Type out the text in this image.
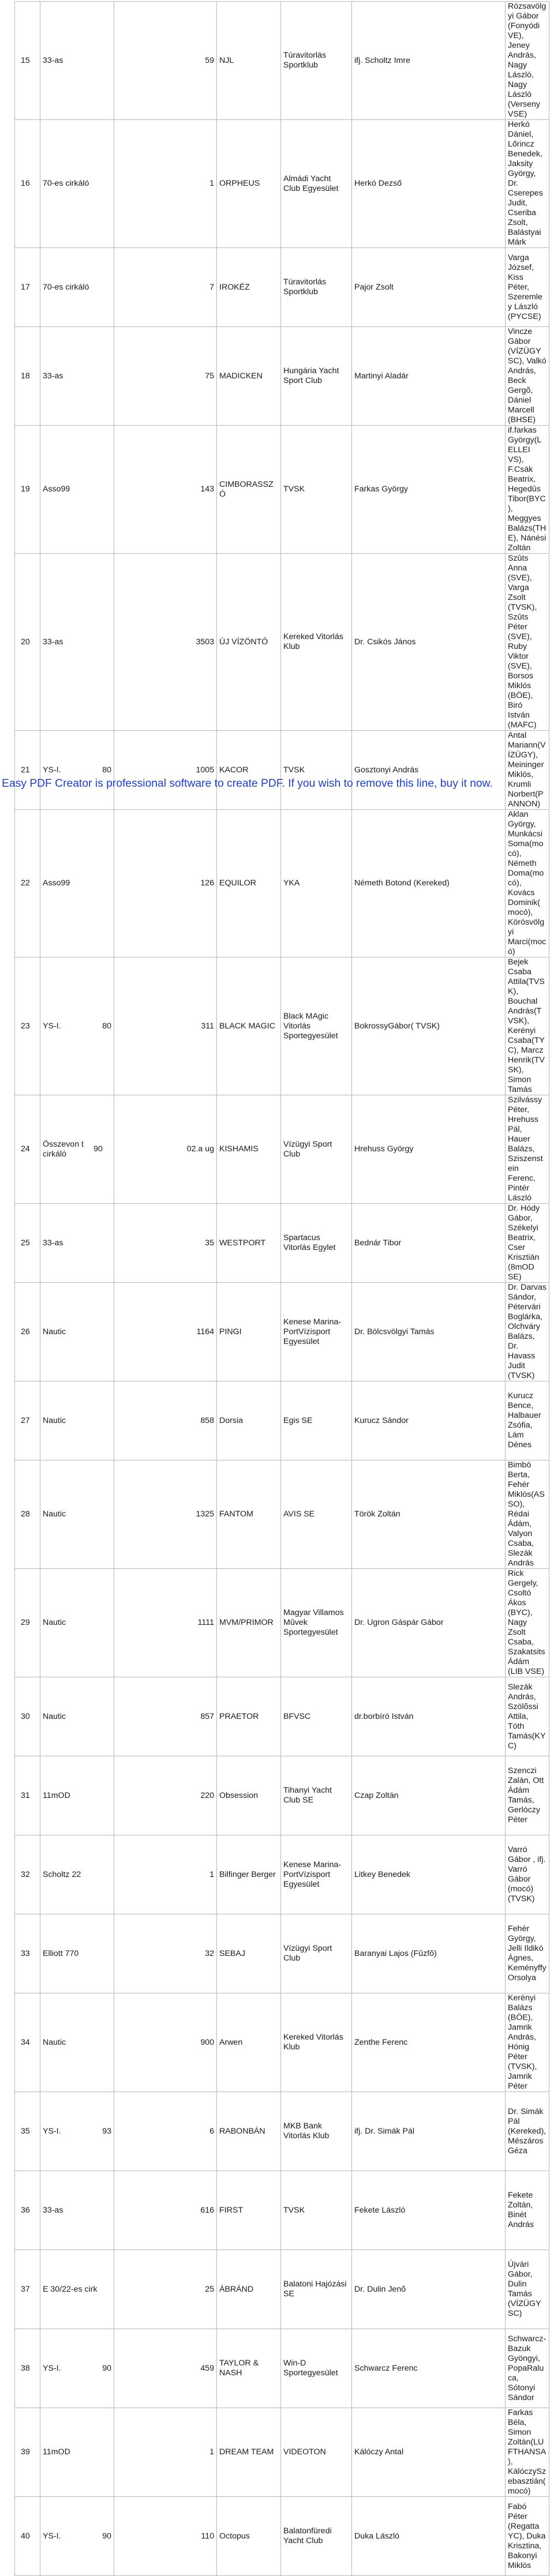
15	33-as	59	NJL	Túravitorlás Sportklub	ifj. Scholtz Imre	Rózsavölgyi Gábor (Fonyódi VE), Jeney András, Nagy László, Nagy László (Verseny VSE)	
16	70-es cirkáló	1	ORPHEUS	Almádi Yacht Club Egyesület	Herkó Dezső	Herkó Dániel, Lőrincz Benedek, Jaksity György, Dr. Cserepes Judit, Cseriba Zsolt, Balástyai Márk	
17	70-es cirkáló	7	IROKÉZ	Túravitorlás Sportklub	Pajor Zsolt	Varga József, Kiss Péter, Szeremley László (PYCSE)	
18	33-as	75	MADICKEN	Hungária Yacht Sport Club	Martinyi Aladár	Vincze Gábor (VÍZÜGY SC), Valkó András, Beck Gergõ, Dániel Marcell (BHSE)	
19	Asso99	143	CIMBORASSZÓ	TVSK	Farkas György	if.farkas György(LELLEI VS), F.Csák Beatrix, Hegedûs Tibor(BYC), Meggyes Balázs(THE), Nánési Zoltán	
20	33-as	3503	ÚJ VÍZÖNTŐ	Kereked Vitorlás Klub	Dr. Csikós János	Szûts Anna (SVE), Varga Zsolt (TVSK), Szûts Péter (SVE), Ruby Viktor (SVE), Borsos Miklós (BÖE), Biró István (MAFC)	
21	YS-I. 80	1005	KACOR	TVSK	Gosztonyi András	Antal Mariann(VÍZÜGY), Meininger Miklós, Krumli Norbert(PANNON)	
22	Asso99	126	EQUILOR	YKA	Németh Botond (Kereked)	Aklan György, Munkácsi Soma(mocó), Németh Doma(mocó), Kovács Dominik(mocó), Körösvölgyi Marci(mocó)	
23	YS-I. 80	311	BLACK MAGIC	Black MAgic Vitorlás Sportegyesület	BokrossyGábor( TVSK)	Bejek Csaba Attila(TVSK), Bouchal András(TVSK), Kerényi Csaba(TYC), Marcz Henrik(TVSK), Simon Tamás	
24	Összevon t cirkáló90	02.a ug	KISHAMIS	Vízügyi Sport Club	Hrehuss György	Szilvássy Péter, Hrehuss Pál, Hauer Balázs, Sziszenstein Ferenc, Pintér László	
25	33-as	35	WESTPORT	Spartacus Vitorlás Egylet	Bednár Tibor	Dr. Hódy Gábor, Székelyi Beatrix, Cser Krisztián (8mOD SE)	
26	Nautic	1164	PINGI	Kenese Marina-PortVízisport Egyesület	Dr. Bölcsvölgyi Tamás	Dr. Darvas Sándor, Pétervári Boglárka, Olchváry Balázs, Dr. Havass Judit (TVSK)	
27	Nautic	858	Dorsia	Egis SE	Kurucz Sándor	Kurucz Bence, Halbauer Zsófia, Lám Dénes	
28	Nautic	1325	FANTOM	AVIS SE	Török Zoltán	Bimbó Berta, Fehér Miklós(ASSO), Rédai Ádám, Valyon Csaba, Slezák András	
29	Nautic	1111	MVM/PRIMOR	Magyar Villamos Mûvek Sportegyesület	Dr. Ugron Gáspár Gábor	Rick Gergely, Csoltó Ákos (BYC), Nagy Zsolt Csaba, Szakatsits Ádám (LIB VSE)	
30	Nautic	857	PRAETOR	BFVSC	dr.borbíró István	Slezák András, Szölõssi Attila, Tóth Tamás(KYC)	
31	11mOD	220	Obsession	Tihanyi Yacht Club SE	Czap Zoltán	Szenczi Zalán, Ott Ádám Tamás, Gerlóczy Péter	
32	Scholtz 22	1	Bilfinger Berger	Kenese Marina-PortVízisport Egyesület	Litkey Benedek	Varró Gábor , ifj. Varró Gábor (mocó) (TVSK)	
33	Elliott 770	32	SEBAJ	Vízügyi Sport Club	Baranyai Lajos (Fûzfõ)	Fehér György, Jelli Ildikó Ágnes, Keményffy Orsolya	
34	Nautic	900	Arwen	Kereked Vitorlás Klub	Zenthe Ferenc	Kerényi Balázs (BÖE), Jamrik András, Hónig Péter (TVSK), Jamrik Péter	
35	YS-I. 93	6	RABONBÁN	MKB Bank Vitorlás Klub	ifj. Dr. Simák Pál	Dr. Simák Pál (Kereked), Mészáros Géza	
36	33-as	616	FIRST	TVSK	Fekete László	Fekete Zoltán, Binét András	
37	E 30/22-es cirk	25	ÁBRÁND	Balatoni Hajózási SE	Dr. Dulin Jenõ	Újvári Gábor, Dulin Tamás (VÍZÜGY SC)	
38	YS-I. 90	459	TAYLOR & NASH	Win-D Sportegyesület	Schwarcz Ferenc	Schwarcz-Bazuk Gyöngyi, PopaRaluca, Sótonyi Sándor	
39	11mOD	1	DREAM TEAM	VIDEOTON	Kálóczy Antal	Farkas Béla, Simon Zoltán(LUFTHANSA), KálóczySzebasztián(mocó)	
40	YS-I. 90	110	Octopus	Balatonfüredi Yacht Club	Duka László	Fabó Péter (Regatta YC), Duka Krisztina, Bakonyi Miklós	
Easy PDF Creator is professional software to create PDF. If you wish to remove this line, buy it now.
